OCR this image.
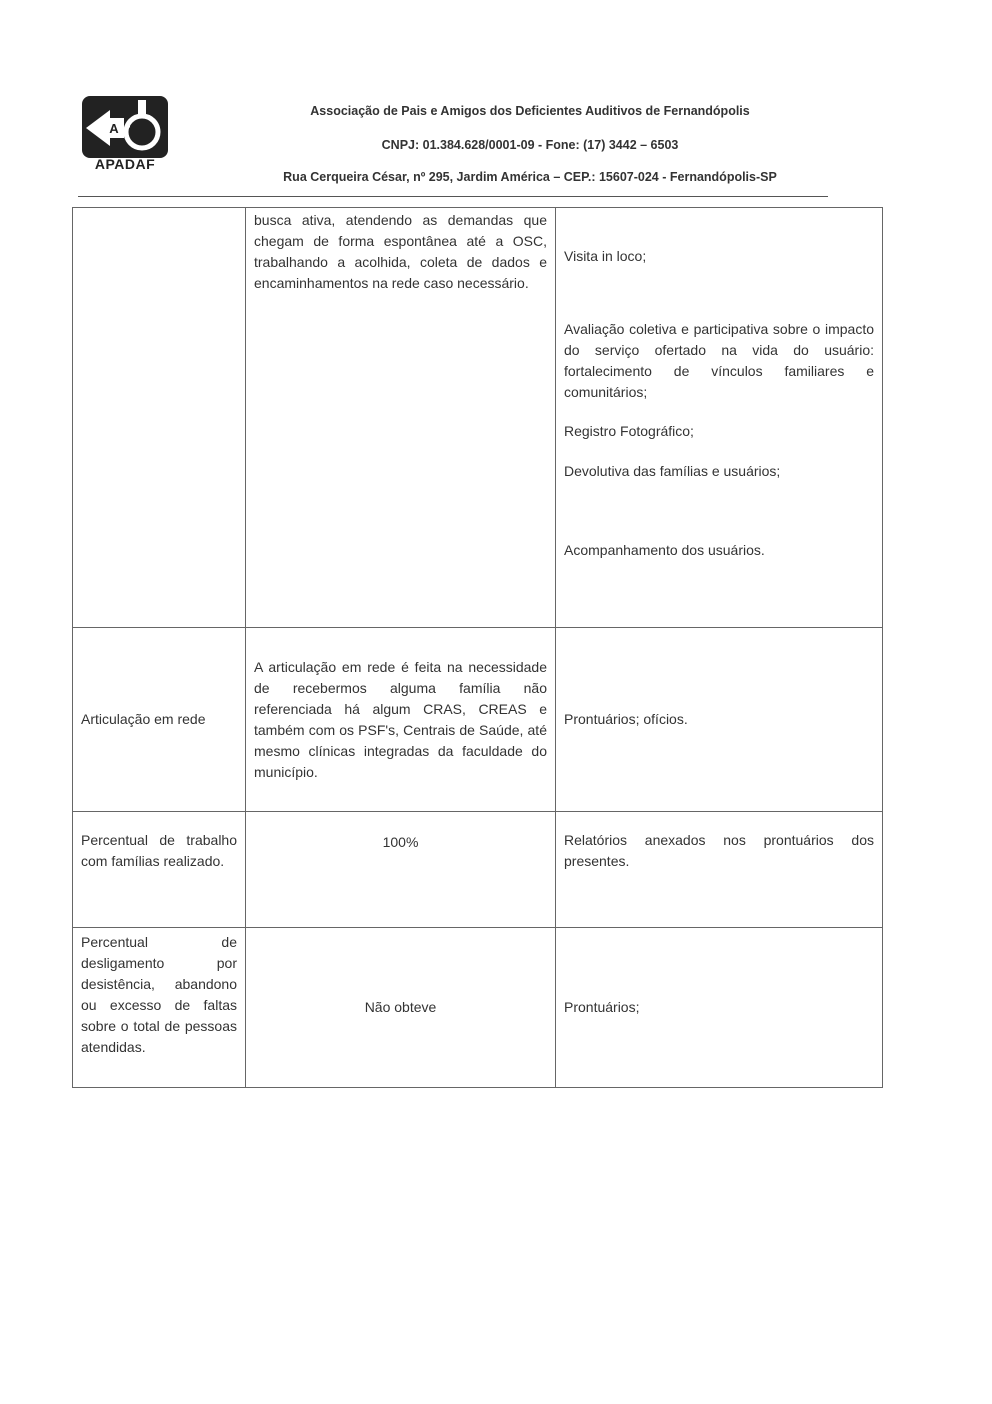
A
APADAF
Associação de Pais e Amigos dos Deficientes Auditivos de Fernandópolis
CNPJ: 01.384.628/0001-09 - Fone: (17) 3442 – 6503
Rua Cerqueira César, nº 295, Jardim América – CEP.: 15607-024 - Fernandópolis-SP
	busca ativa, atendendo as demandas que chegam de forma espontânea até a OSC, trabalhando a acolhida, coleta de dados e encaminhamentos na rede caso necessário.	Visita in loco;

Avaliação coletiva e participativa sobre o impacto do serviço ofertado na vida do usuário: fortalecimento de vínculos familiares e comunitários;

Registro Fotográfico;

Devolutiva das famílias e usuários;

Acompanhamento dos usuários.

Articulação em rede	A articulação em rede é feita na necessidade de recebermos alguma família não referenciada há algum CRAS, CREAS e também com os PSF's, Centrais de Saúde, até mesmo clínicas integradas da faculdade do município.	Prontuários; ofícios.

Percentual de trabalho com famílias realizado.	100%	Relatórios anexados nos prontuários dos presentes.

Percentual de desligamento por desistência, abandono ou excesso de faltas sobre o total de pessoas atendidas.	Não obteve	Prontuários;
